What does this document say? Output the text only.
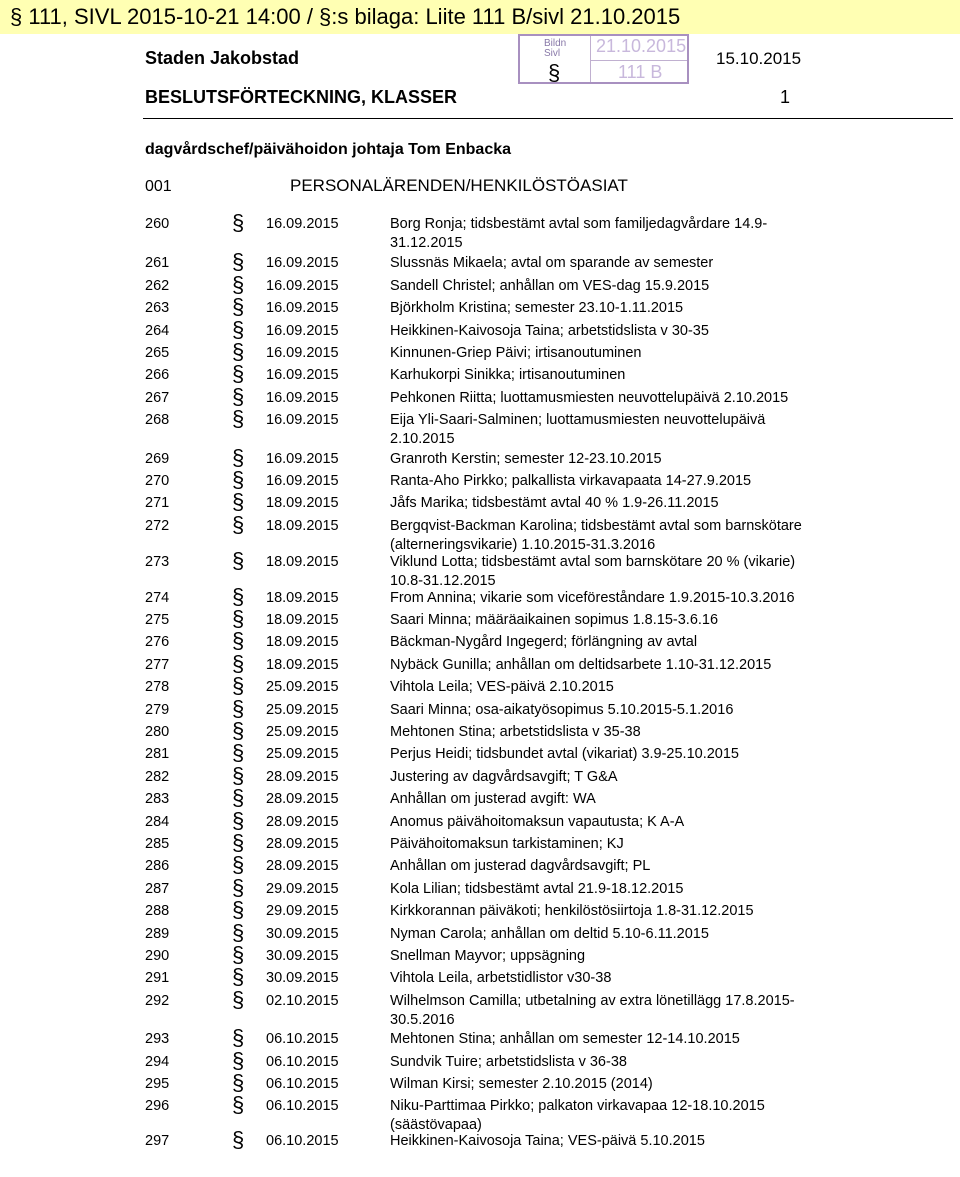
§ 111, SIVL 2015-10-21 14:00 / §:s bilaga: Liite 111 B/sivl 21.10.2015
Staden Jakobstad
Bildn
Sivl 21.10.2015
§	111 B
15.10.2015
BESLUTSFÖRTECKNING, KLASSER	1
dagvårdschef/päivähoidon johtaja Tom Enbacka
001	PERSONALÄRENDEN/HENKILÖSTÖASIAT
260	§ 16.09.2015	Borg Ronja; tidsbestämt avtal som familjedagvårdare 14.9-
31.12.2015
261	§ 16.09.2015	Slussnäs Mikaela; avtal om sparande av semester
262	§ 16.09.2015	Sandell Christel; anhållan om VES-dag 15.9.2015
263	§ 16.09.2015	Björkholm Kristina; semester 23.10-1.11.2015
264	§ 16.09.2015	Heikkinen-Kaivosoja Taina; arbetstidslista v 30-35
265	§ 16.09.2015	Kinnunen-Griep Päivi; irtisanoutuminen
266	§ 16.09.2015	Karhukorpi Sinikka; irtisanoutuminen
267	§ 16.09.2015	Pehkonen Riitta; luottamusmiesten neuvottelupäivä 2.10.2015
268	§ 16.09.2015	Eija Yli-Saari-Salminen; luottamusmiesten neuvottelupäivä
2.10.2015
269	§ 16.09.2015	Granroth Kerstin; semester 12-23.10.2015
270	§ 16.09.2015	Ranta-Aho Pirkko; palkallista virkavapaata 14-27.9.2015
271	§ 18.09.2015	Jåfs Marika; tidsbestämt avtal 40 % 1.9-26.11.2015
272	§ 18.09.2015	Bergqvist-Backman Karolina; tidsbestämt avtal som barnskötare
(alterneringsvikarie) 1.10.2015-31.3.2016
273	§ 18.09.2015	Viklund Lotta; tidsbestämt avtal som barnskötare 20 % (vikarie)
10.8-31.12.2015
274	§ 18.09.2015	From Annina; vikarie som viceföreståndare 1.9.2015-10.3.2016
275	§ 18.09.2015	Saari Minna; määräaikainen sopimus 1.8.15-3.6.16
276	§ 18.09.2015	Bäckman-Nygård Ingegerd; förlängning av avtal
277	§ 18.09.2015	Nybäck Gunilla; anhållan om deltidsarbete 1.10-31.12.2015
278	§ 25.09.2015	Vihtola Leila; VES-päivä 2.10.2015
279	§ 25.09.2015	Saari Minna; osa-aikatyösopimus 5.10.2015-5.1.2016
280	§ 25.09.2015	Mehtonen Stina; arbetstidslista v 35-38
281	§ 25.09.2015	Perjus Heidi; tidsbundet avtal (vikariat) 3.9-25.10.2015
282	§ 28.09.2015	Justering av dagvårdsavgift; T G&A
283	§ 28.09.2015	Anhållan om justerad avgift: WA
284	§ 28.09.2015	Anomus päivähoitomaksun vapautusta; K A-A
285	§ 28.09.2015	Päivähoitomaksun tarkistaminen; KJ
286	§ 28.09.2015	Anhållan om justerad dagvårdsavgift; PL
287	§ 29.09.2015	Kola Lilian; tidsbestämt avtal 21.9-18.12.2015
288	§ 29.09.2015	Kirkkorannan päiväkoti; henkilöstösiirtoja 1.8-31.12.2015
289	§ 30.09.2015	Nyman Carola; anhållan om deltid 5.10-6.11.2015
290	§ 30.09.2015	Snellman Mayvor; uppsägning
291	§ 30.09.2015	Vihtola Leila, arbetstidlistor v30-38
292	§ 02.10.2015	Wilhelmson Camilla; utbetalning av extra lönetillägg 17.8.2015-
30.5.2016
293	§ 06.10.2015	Mehtonen Stina; anhållan om semester 12-14.10.2015
294	§ 06.10.2015	Sundvik Tuire; arbetstidslista v 36-38
295	§ 06.10.2015	Wilman Kirsi; semester 2.10.2015 (2014)
296	§ 06.10.2015	Niku-Parttimaa Pirkko; palkaton virkavapaa 12-18.10.2015
(säästövapaa)
297	§ 06.10.2015	Heikkinen-Kaivosoja Taina; VES-päivä 5.10.2015
